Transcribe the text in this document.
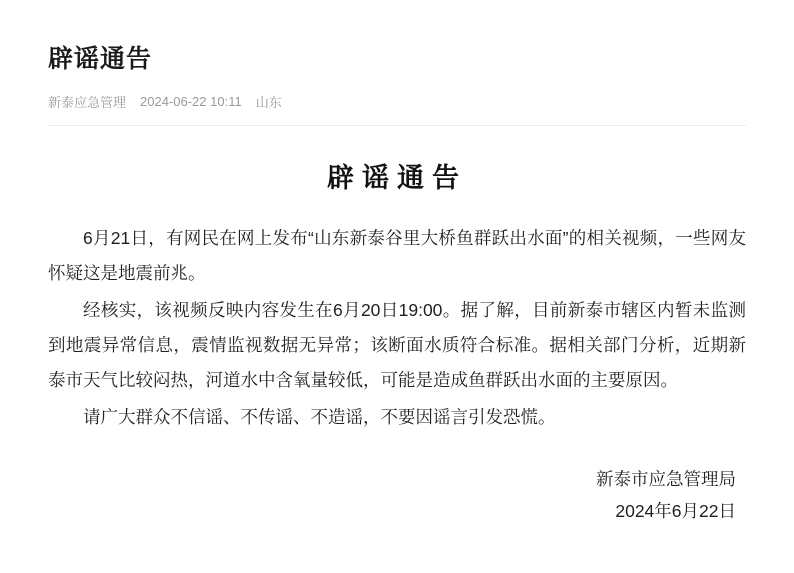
辟谣通告
新泰应急管理 2024-06-22 10:11 山东
辟谣通告

6月21日，有网民在网上发布“山东新泰谷里大桥鱼群跃出水面”的相关视频，一些网友怀疑这是地震前兆。

经核实，该视频反映内容发生在6月20日19:00。据了解，目前新泰市辖区内暂未监测到地震异常信息，震情监视数据无异常；该断面水质符合标准。据相关部门分析，近期新泰市天气比较闷热，河道水中含氧量较低，可能是造成鱼群跃出水面的主要原因。

请广大群众不信谣、不传谣、不造谣，不要因谣言引发恐慌。

新泰市应急管理局
2024年6月22日
